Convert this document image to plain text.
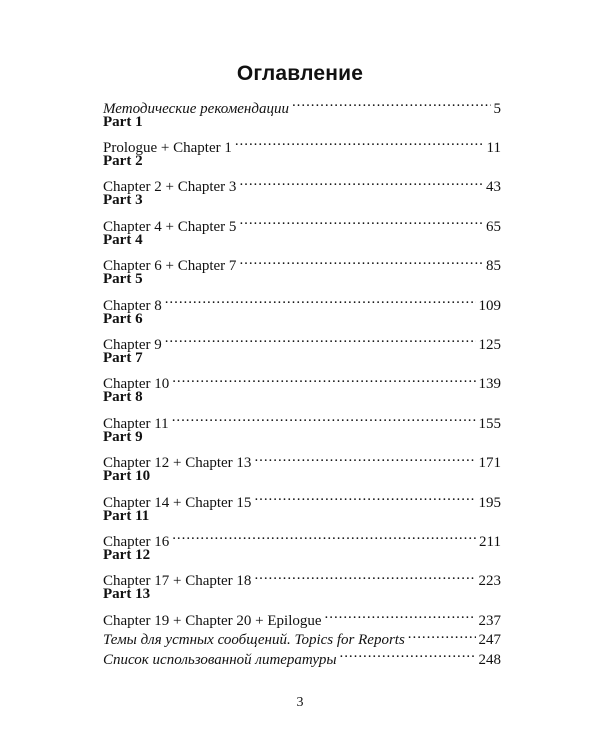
Оглавление
Методические рекомендации . . .	5
Part 1
Prologue + Chapter 1 . . .	11
Part 2
Chapter 2 + Chapter 3 . . .	43
Part 3
Chapter 4 + Chapter 5 . . .	65
Part 4
Chapter 6 + Chapter 7 . . .	85
Part 5
Chapter 8 . . .	109
Part 6
Chapter 9 . . .	125
Part 7
Chapter 10 . . .	139
Part 8
Chapter 11 . . .	155
Part 9
Chapter 12 + Chapter 13 . . .	171
Part 10
Chapter 14 + Chapter 15 . . .	195
Part 11
Chapter 16 . . .	211
Part 12
Chapter 17 + Chapter 18 . . .	223
Part 13
Chapter 19 + Chapter 20 + Epilogue . . .	237
Темы для устных сообщений. Topics for Reports . . .	247
Список использованной литературы . . .	248
3
